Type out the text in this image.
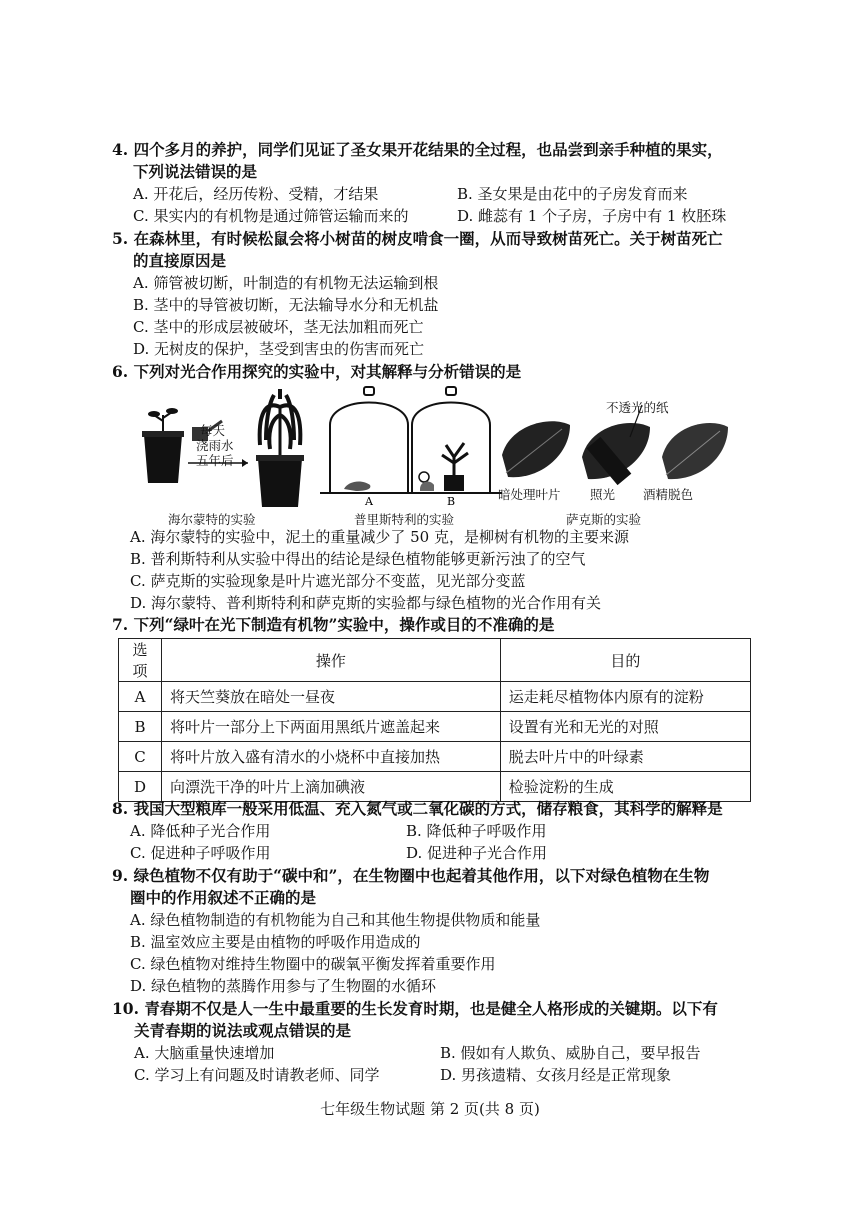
4. 四个多月的养护，同学们见证了圣女果开花结果的全过程，也品尝到亲手种植的果实，
下列说法错误的是
A. 开花后，经历传粉、受精，才结果	B. 圣女果是由花中的子房发育而来
C. 果实内的有机物是通过筛管运输而来的	D. 雌蕊有 1 个子房，子房中有 1 枚胚珠
5. 在森林里，有时候松鼠会将小树苗的树皮啃食一圈，从而导致树苗死亡。关于树苗死亡
的直接原因是
A. 筛管被切断，叶制造的有机物无法运输到根
B. 茎中的导管被切断，无法输导水分和无机盐
C. 茎中的形成层被破坏，茎无法加粗而死亡
D. 无树皮的保护，茎受到害虫的伤害而死亡
6. 下列对光合作用探究的实验中，对其解释与分析错误的是
A	B
每天
浇雨水
五年后
不透光的纸
暗处理叶片 照光 酒精脱色
海尔蒙特的实验	普里斯特利的实验	萨克斯的实验
A. 海尔蒙特的实验中，泥土的重量减少了 50 克，是柳树有机物的主要来源
B. 普利斯特利从实验中得出的结论是绿色植物能够更新污浊了的空气
C. 萨克斯的实验现象是叶片遮光部分不变蓝，见光部分变蓝
D. 海尔蒙特、普利斯特利和萨克斯的实验都与绿色植物的光合作用有关
7. 下列“绿叶在光下制造有机物”实验中，操作或目的不准确的是
选项	操作	目的
A	将天竺葵放在暗处一昼夜	运走耗尽植物体内原有的淀粉
B	将叶片一部分上下两面用黑纸片遮盖起来	设置有光和无光的对照
C	将叶片放入盛有清水的小烧杯中直接加热	脱去叶片中的叶绿素
D	向漂洗干净的叶片上滴加碘液	检验淀粉的生成
8. 我国大型粮库一般采用低温、充入氮气或二氧化碳的方式，储存粮食，其科学的解释是
A. 降低种子光合作用	B. 降低种子呼吸作用
C. 促进种子呼吸作用	D. 促进种子光合作用
9. 绿色植物不仅有助于“碳中和”，在生物圈中也起着其他作用，以下对绿色植物在生物
圈中的作用叙述不正确的是
A. 绿色植物制造的有机物能为自己和其他生物提供物质和能量
B. 温室效应主要是由植物的呼吸作用造成的
C. 绿色植物对维持生物圈中的碳氧平衡发挥着重要作用
D. 绿色植物的蒸腾作用参与了生物圈的水循环
10. 青春期不仅是人一生中最重要的生长发育时期，也是健全人格形成的关键期。以下有
关青春期的说法或观点错误的是
A. 大脑重量快速增加	B. 假如有人欺负、威胁自己，要早报告
C. 学习上有问题及时请教老师、同学	D. 男孩遗精、女孩月经是正常现象
七年级生物试题 第 2 页(共 8 页)
